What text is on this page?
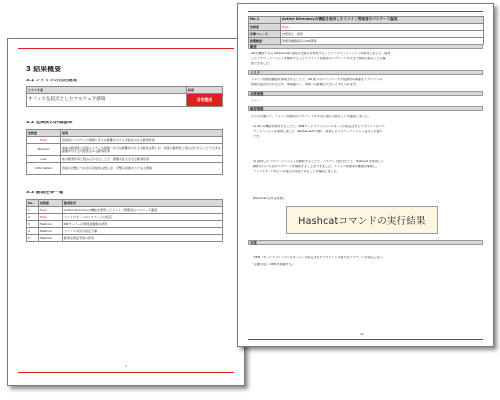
3 結果概要
3.1 シナリオの目的達成
シナリオ名	結果
オフィスを起点としたマルウェア感染	目的達成
3.2 危険度の評価基準
危険度	説明
High	直接的にシステムや業務に多大な影響を与える可能性のある脆弱性等
Medium	単体の脆弱性で直接システムや業務へ多大な影響を与える可能性は低いが、同等の脆弱性と組み合わせることで大きな影響を与える可能性がある脆弱性等
Low	他の脆弱性等と組み合わせることで、影響を拡大させる脆弱性等
Information	直接の攻撃につながる可能性は低いが、攻撃の足掛かりとなる情報
3.3 脆弱性等一覧
No.	危険度	脆弱性等
1	High	Active Directoryの機能を悪用したドメイン管理者のパスワード漏洩
2	High	ファイルサーバのパスワードの設定
3	Medium	DBサーバーの管理者権限の使用
4	Medium	ファイル共有の設定不備
5	Medium	脆弱な認証手段の使用
7
No.1	Active Directoryの機能を悪用したドメイン管理者のパスワード漏洩
危険度	High
攻撃フェーズ	内部侵入・探索
影響範囲	管理者権限保有のAD環境
概要
ADの機能である Kerberoast 認証の仕組みを悪用することでパスワードハッシュを取得しました。取得
したパスワードハッシュを解析することでドメイン管理者のパスワードを平文で窺知可能なことが確
認できました。
リスク
ドメイン管理者権限を奪取されることで、AD 配下のエンドユーザや組織内の重要なアカウントの
情報を盗み出されるため、情報漏えい、業務への影響が大きいと考えられます。
対策情報
ドメ...
解説情報
以下の手順にて、ドメイン管理者のパスワードを平文に復元可能なことを確認しました。
1) AD の機能を悪用することで、SPNサービスプリンシパルネームが設定されたアカウントのパス
ワードハッシュを取得しました（Kerberoast 攻撃）。取得したパスワードハッシュは以下の通り
です。
2) 取得したパスワードハッシュを解析することで、パスワード総当たりで、Hashcat を使用して
解析を行い平文のパスワードを窺知することができました。ドメイン管理者の権限を奪取し、
ファイルサーバなどへの侵入が可能であることを確認しました。
[Hashcat-の実行結果]
Hashcatコマンドの実行結果
対策
・SPN（サービスプリンシパルネーム）が設定されたアカウントの強力なパスワードを設定しない。
・必要のない SPN を削除する。
11
